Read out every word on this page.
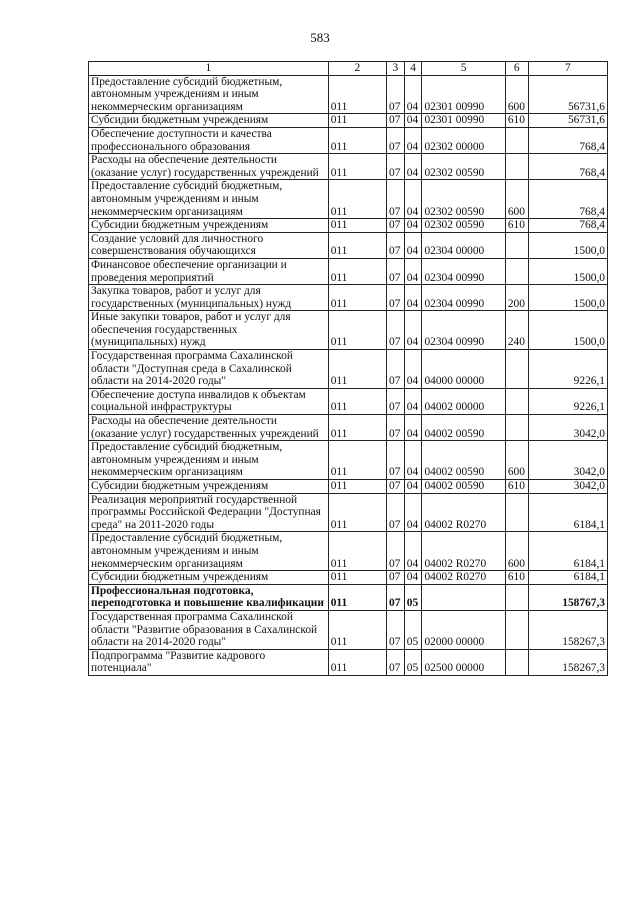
583
1	2	3	4	5	6	7
Предоставление субсидий бюджетным, автономным учреждениям и иным некоммерческим организациям	011	07	04	02301 00990	600	56731,6
Субсидии бюджетным учреждениям	011	07	04	02301 00990	610	56731,6
Обеспечение доступности и качества профессионального образования	011	07	04	02302 00000		768,4
Расходы на обеспечение деятельности (оказание услуг) государственных учреждений	011	07	04	02302 00590		768,4
Предоставление субсидий бюджетным, автономным учреждениям и иным некоммерческим организациям	011	07	04	02302 00590	600	768,4
Субсидии бюджетным учреждениям	011	07	04	02302 00590	610	768,4
Создание условий для личностного совершенствования обучающихся	011	07	04	02304 00000		1500,0
Финансовое обеспечение организации и проведения мероприятий	011	07	04	02304 00990		1500,0
Закупка товаров, работ и услуг для государственных (муниципальных) нужд	011	07	04	02304 00990	200	1500,0
Иные закупки товаров, работ и услуг для обеспечения государственных (муниципальных) нужд	011	07	04	02304 00990	240	1500,0
Государственная программа Сахалинской области "Доступная среда в Сахалинской области на 2014-2020 годы"	011	07	04	04000 00000		9226,1
Обеспечение доступа инвалидов к объектам социальной инфраструктуры	011	07	04	04002 00000		9226,1
Расходы на обеспечение деятельности (оказание услуг) государственных учреждений	011	07	04	04002 00590		3042,0
Предоставление субсидий бюджетным, автономным учреждениям и иным некоммерческим организациям	011	07	04	04002 00590	600	3042,0
Субсидии бюджетным учреждениям	011	07	04	04002 00590	610	3042,0
Реализация мероприятий государственной программы Российской Федерации "Доступная среда" на 2011-2020 годы	011	07	04	04002 R0270		6184,1
Предоставление субсидий бюджетным, автономным учреждениям и иным некоммерческим организациям	011	07	04	04002 R0270	600	6184,1
Субсидии бюджетным учреждениям	011	07	04	04002 R0270	610	6184,1
Профессиональная подготовка, переподготовка и повышение квалификации	011	07	05			158767,3
Государственная программа Сахалинской области "Развитие образования в Сахалинской области на 2014-2020 годы"	011	07	05	02000 00000		158267,3
Подпрограмма "Развитие кадрового потенциала"	011	07	05	02500 00000		158267,3
